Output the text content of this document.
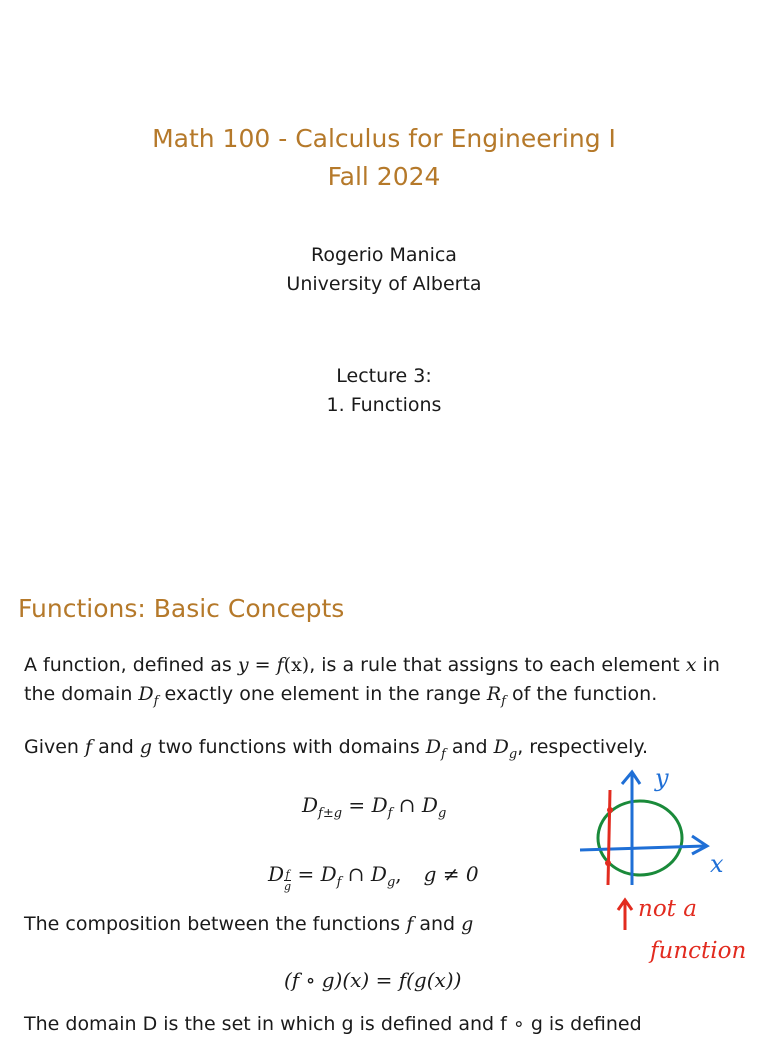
Math 100 - Calculus for Engineering I
Fall 2024
Rogerio Manica
University of Alberta
Lecture 3:
1. Functions
Functions: Basic Concepts
A function, defined as y = f(x), is a rule that assigns to each element x in
the domain $D_f$ exactly one element in the range $R_f$ of the function.
Given f and g two functions with domains $D_f$ and $D_g$, respectively.
$D_{f\pm g} = D_f$ ∩ $D_g$
D $\frac{f}{g} = D_f$ ∩ $D_g$, g ≠ 0
The composition between the functions f and g
(f ∘ g)(x) = f(g(x))
The domain D is the set in which g is defined and f ∘ g is defined
y
x
not a
function
